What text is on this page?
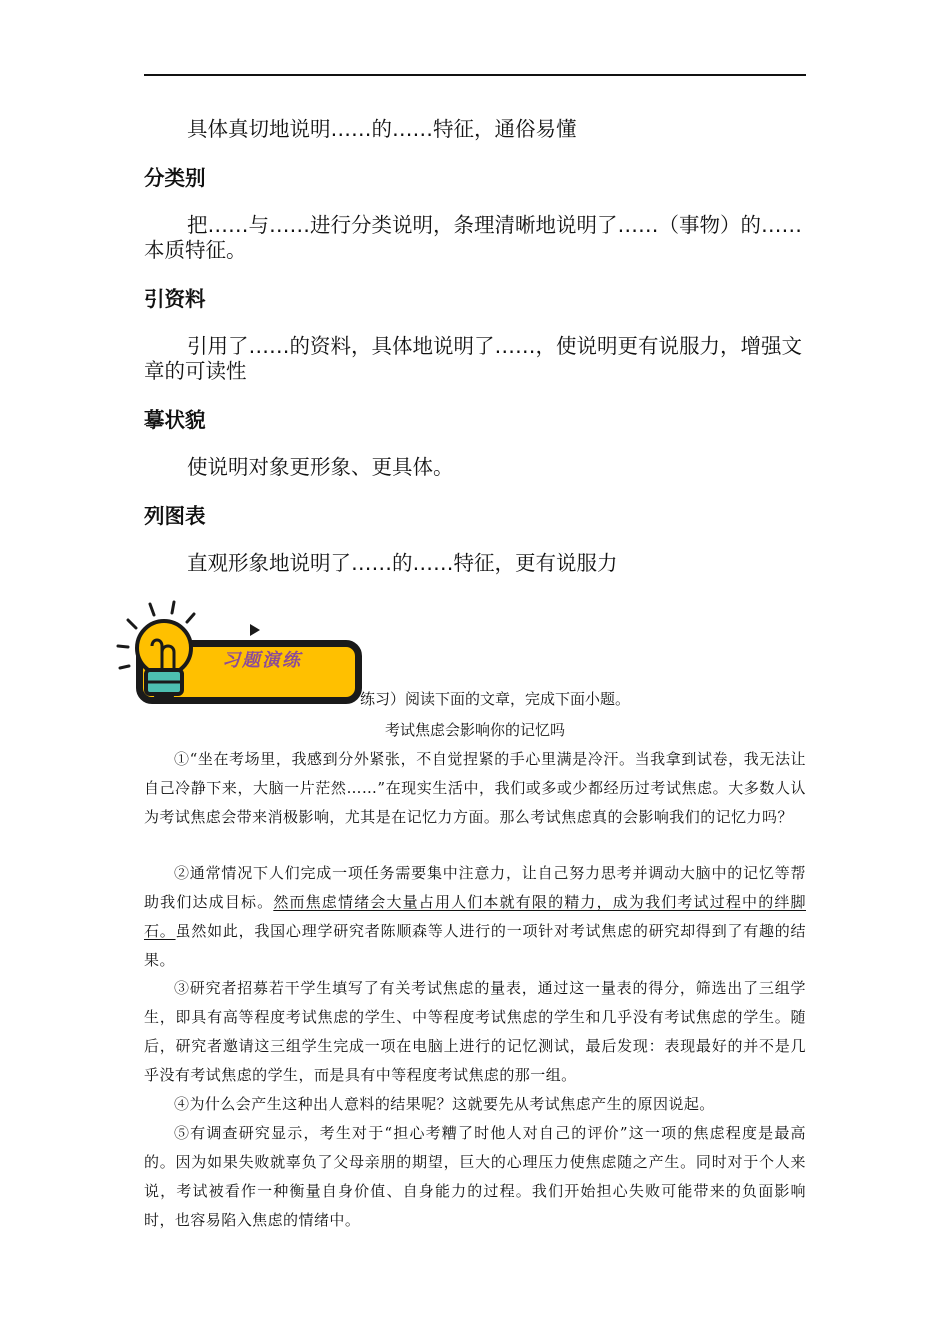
具体真切地说明……的……特征，通俗易懂
分类别
把……与……进行分类说明，条理清晰地说明了……（事物）的……本质特征。
引资料
引用了……的资料，具体地说明了……，使说明更有说服力，增强文章的可读性
摹状貌
使说明对象更形象、更具体。
列图表
直观形象地说明了……的……特征，更有说服力
习题演练
练习）阅读下面的文章，完成下面小题。
考试焦虑会影响你的记忆吗
①“坐在考场里，我感到分外紧张，不自觉捏紧的手心里满是冷汗。当我拿到试卷，我无法让自己冷静下来，大脑一片茫然……”在现实生活中，我们或多或少都经历过考试焦虑。大多数人认为考试焦虑会带来消极影响，尤其是在记忆力方面。那么考试焦虑真的会影响我们的记忆力吗？
②通常情况下人们完成一项任务需要集中注意力，让自己努力思考并调动大脑中的记忆等帮助我们达成目标。然而焦虑情绪会大量占用人们本就有限的精力，成为我们考试过程中的绊脚石。虽然如此，我国心理学研究者陈顺森等人进行的一项针对考试焦虑的研究却得到了有趣的结果。
③研究者招募若干学生填写了有关考试焦虑的量表，通过这一量表的得分，筛选出了三组学生，即具有高等程度考试焦虑的学生、中等程度考试焦虑的学生和几乎没有考试焦虑的学生。随后，研究者邀请这三组学生完成一项在电脑上进行的记忆测试，最后发现：表现最好的并不是几乎没有考试焦虑的学生，而是具有中等程度考试焦虑的那一组。
④为什么会产生这种出人意料的结果呢？这就要先从考试焦虑产生的原因说起。
⑤有调查研究显示，考生对于“担心考糟了时他人对自己的评价”这一项的焦虑程度是最高的。因为如果失败就辜负了父母亲朋的期望，巨大的心理压力使焦虑随之产生。同时对于个人来说，考试被看作一种衡量自身价值、自身能力的过程。我们开始担心失败可能带来的负面影响时，也容易陷入焦虑的情绪中。
